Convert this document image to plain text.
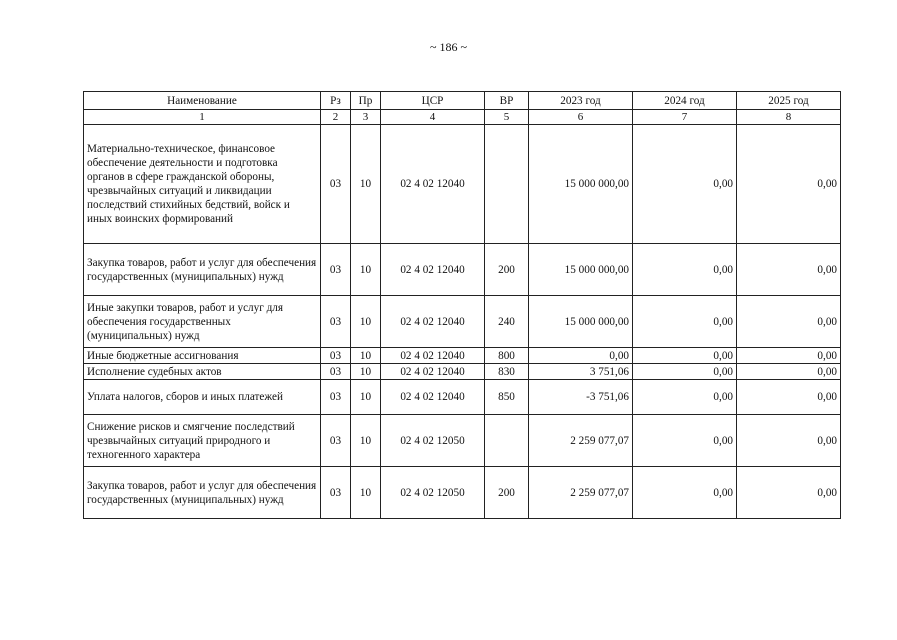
~ 186 ~
Наименование	Рз	Пр	ЦСР	ВР	2023 год	2024 год	2025 год
1	2	3	4	5	6	7	8
Материально-техническое, финансовое обеспечение деятельности и подготовка органов в сфере гражданской обороны, чрезвычайных ситуаций и ликвидации последствий стихийных бедствий, войск и иных воинских формирований	03	10	02 4 02 12040		15 000 000,00	0,00	0,00
Закупка товаров, работ и услуг для обеспечения государственных (муниципальных) нужд	03	10	02 4 02 12040	200	15 000 000,00	0,00	0,00
Иные закупки товаров, работ и услуг для обеспечения государственных (муниципальных) нужд	03	10	02 4 02 12040	240	15 000 000,00	0,00	0,00
Иные бюджетные ассигнования	03	10	02 4 02 12040	800	0,00	0,00	0,00
Исполнение судебных актов	03	10	02 4 02 12040	830	3 751,06	0,00	0,00
Уплата налогов, сборов и иных платежей	03	10	02 4 02 12040	850	-3 751,06	0,00	0,00
Снижение рисков и смягчение последствий чрезвычайных ситуаций природного и техногенного характера	03	10	02 4 02 12050		2 259 077,07	0,00	0,00
Закупка товаров, работ и услуг для обеспечения государственных (муниципальных) нужд	03	10	02 4 02 12050	200	2 259 077,07	0,00	0,00
